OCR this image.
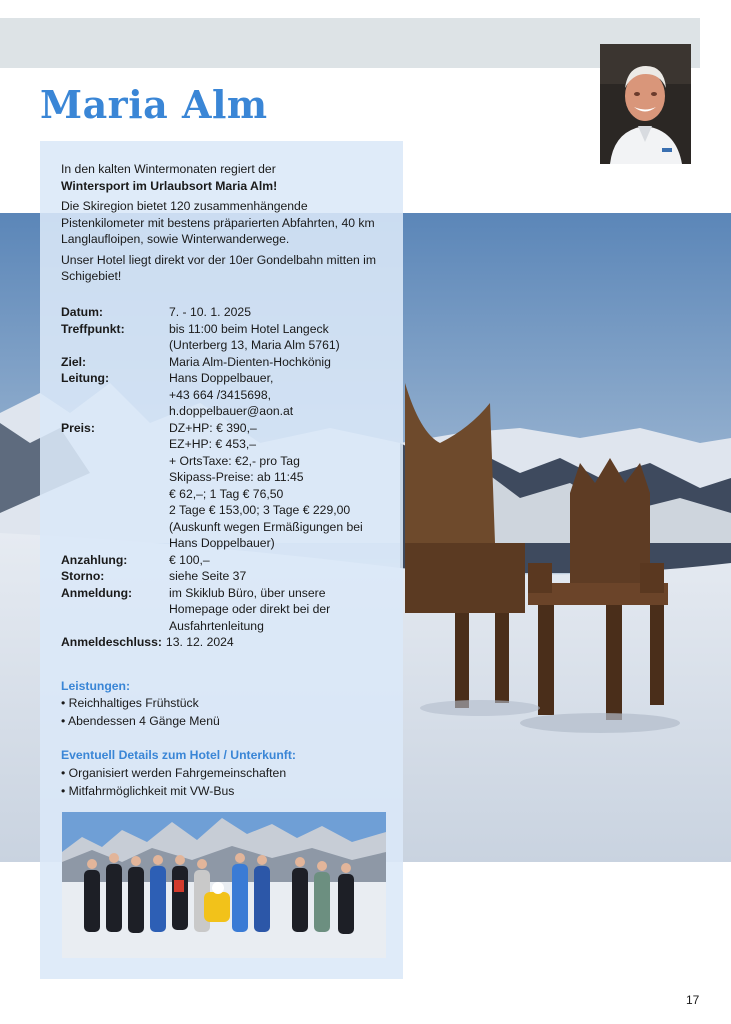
Maria Alm

In den kalten Wintermonaten regiert der
Wintersport im Urlaubsort Maria Alm!

Die Skiregion bietet 120 zusammenhängende Pistenkilometer mit bestens präparierten Abfahrten, 40 km Langlaufloipen, sowie Winterwanderwege.

Unser Hotel liegt direkt vor der 10er Gondelbahn mitten im Schigebiet!

Datum:	7. - 10. 1. 2025
Treffpunkt:	bis 11:00 beim Hotel Langeck
(Unterberg 13, Maria Alm 5761)
Ziel:	Maria Alm-Dienten-Hochkönig
Leitung:	Hans Doppelbauer,
+43 664 /3415698,
h.doppelbauer@aon.at
Preis:	DZ+HP: € 390,–
EZ+HP: € 453,–
+ OrtsTaxe: €2,- pro Tag
Skipass-Preise: ab 11:45
€ 62,–; 1 Tag € 76,50
2 Tage € 153,00; 3 Tage € 229,00
(Auskunft wegen Ermäßigungen bei
Hans Doppelbauer)
Anzahlung:	€ 100,–
Storno:	siehe Seite 37
Anmeldung:	im Skiklub Büro, über unsere
Homepage oder direkt bei der
Ausfahrtenleitung
Anmeldeschluss: 13. 12. 2024
Leistungen:
• Reichhaltiges Frühstück
• Abendessen 4 Gänge Menü
Eventuell Details zum Hotel / Unterkunft:
• Organisiert werden Fahrgemeinschaften
• Mitfahrmöglichkeit mit VW-Bus
17
